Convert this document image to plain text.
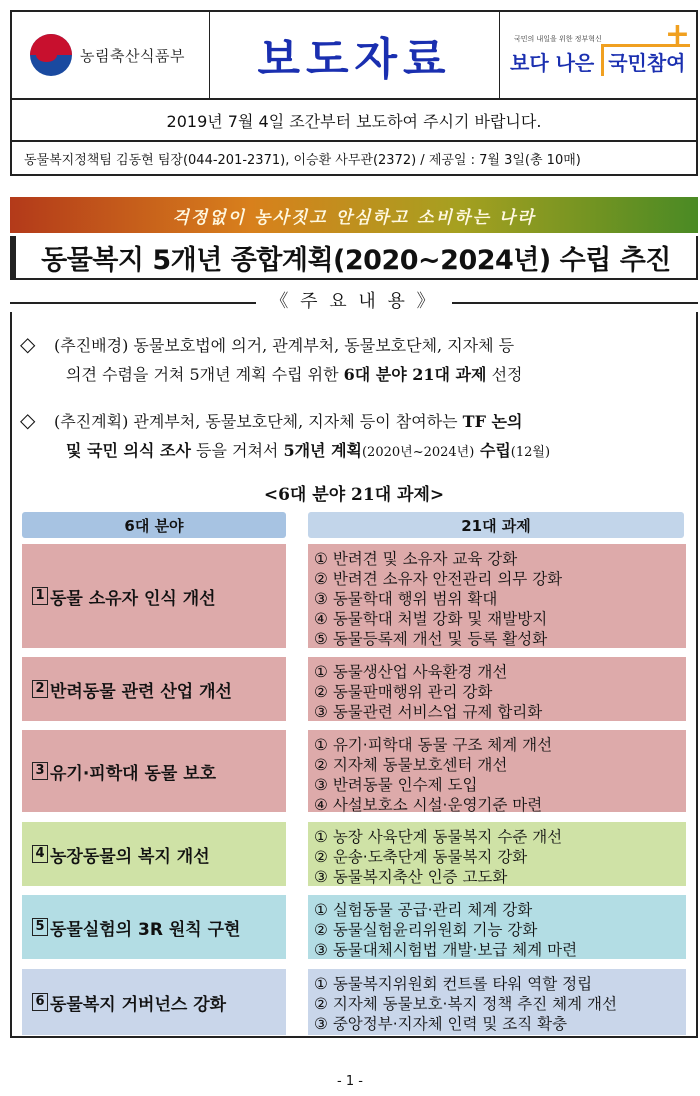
농림축산식품부 보도자료	국민의 내일을 위한 정부혁신
보다 나은 국민참여
+
2019년 7월 4일 조간부터 보도하여 주시기 바랍니다.
동물복지정책팀 김동현 팀장(044-201-2371), 이승환 사무관(2372) / 제공일 : 7월 3일(총 10매)
걱정없이 농사짓고 안심하고 소비하는 나라
동물복지 5개년 종합계획(2020~2024년) 수립 추진
《 주 요 내 용 》
◇ (추진배경) 동물보호법에 의거, 관계부처, 동물보호단체, 지자체 등
의견 수렴을 거쳐 5개년 계획 수립 위한 6대 분야 21대 과제 선정
◇ (추진계획) 관계부처, 동물보호단체, 지자체 등이 참여하는 TF 논의
및 국민 의식 조사 등을 거쳐서 5개년 계획(2020년~2024년) 수립(12월)
<6대 분야 21대 과제>
6대 분야	21대 과제
1 동물 소유자 인식 개선
① 반려견 및 소유자 교육 강화
② 반려견 소유자 안전관리 의무 강화
③ 동물학대 행위 범위 확대
④ 동물학대 처벌 강화 및 재발방지
⑤ 동물등록제 개선 및 등록 활성화
2 반려동물 관련 산업 개선
① 동물생산업 사육환경 개선
② 동물판매행위 관리 강화
③ 동물관련 서비스업 규제 합리화
3 유기·피학대 동물 보호
① 유기·피학대 동물 구조 체계 개선
② 지자체 동물보호센터 개선
③ 반려동물 인수제 도입
④ 사설보호소 시설·운영기준 마련
4 농장동물의 복지 개선
① 농장 사육단계 동물복지 수준 개선
② 운송·도축단계 동물복지 강화
③ 동물복지축산 인증 고도화
5 동물실험의 3R 원칙 구현
① 실험동물 공급·관리 체계 강화
② 동물실험윤리위원회 기능 강화
③ 동물대체시험법 개발·보급 체계 마련
6 동물복지 거버넌스 강화
① 동물복지위원회 컨트롤 타워 역할 정립
② 지자체 동물보호·복지 정책 추진 체계 개선
③ 중앙정부·지자체 인력 및 조직 확충
- 1 -
